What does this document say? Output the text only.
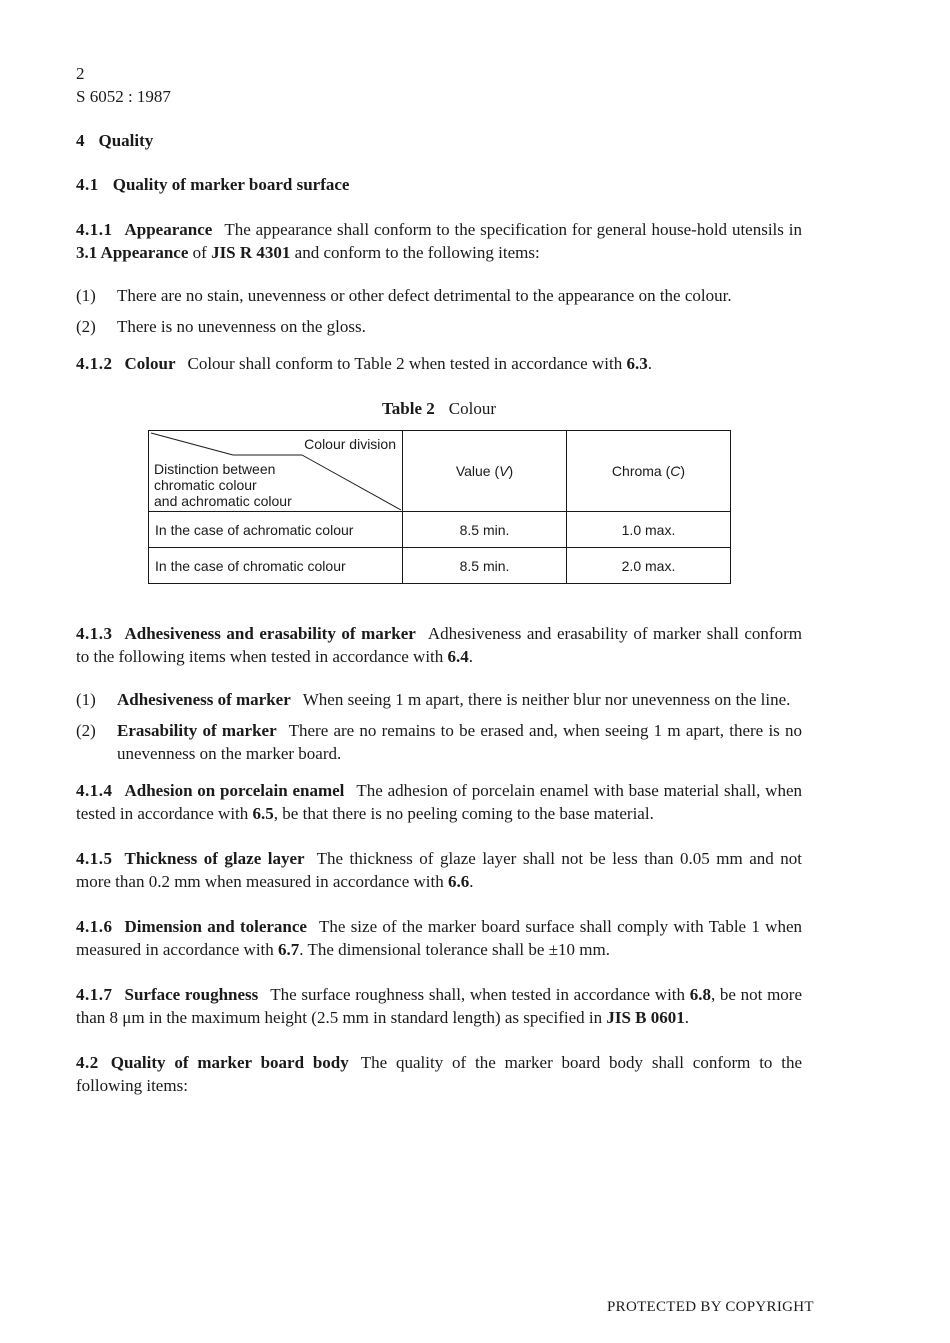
2

S 6052 : 1987

4 Quality
4.1 Quality of marker board surface

4.1.1 Appearance The appearance shall conform to the specification for general house-hold utensils in 3.1 Appearance of JIS R 4301 and conform to the following items:

(1) There are no stain, unevenness or other defect detrimental to the appearance on the colour.
(2) There is no unevenness on the gloss.

4.1.2 Colour Colour shall conform to Table 2 when tested in accordance with 6.3.

Table 2 Colour

Colour division
Distinction between
chromatic colour
and achromatic colour	Value (V)	Chroma (C)
In the case of achromatic colour	8.5 min.	1.0 max.
In the case of chromatic colour	8.5 min.	2.0 max.

4.1.3 Adhesiveness and erasability of marker Adhesiveness and erasability of marker shall conform to the following items when tested in accordance with 6.4.

(1) Adhesiveness of marker When seeing 1 m apart, there is neither blur nor unevenness on the line.
(2) Erasability of marker There are no remains to be erased and, when seeing 1 m apart, there is no unevenness on the marker board.

4.1.4 Adhesion on porcelain enamel The adhesion of porcelain enamel with base material shall, when tested in accordance with 6.5, be that there is no peeling coming to the base material.

4.1.5 Thickness of glaze layer The thickness of glaze layer shall not be less than 0.05 mm and not more than 0.2 mm when measured in accordance with 6.6.

4.1.6 Dimension and tolerance The size of the marker board surface shall comply with Table 1 when measured in accordance with 6.7. The dimensional tolerance shall be ±10 mm.

4.1.7 Surface roughness The surface roughness shall, when tested in accordance with 6.8, be not more than 8 μm in the maximum height (2.5 mm in standard length) as specified in JIS B 0601.

4.2 Quality of marker board body The quality of the marker board body shall conform to the following items:

PROTECTED BY COPYRIGHT
